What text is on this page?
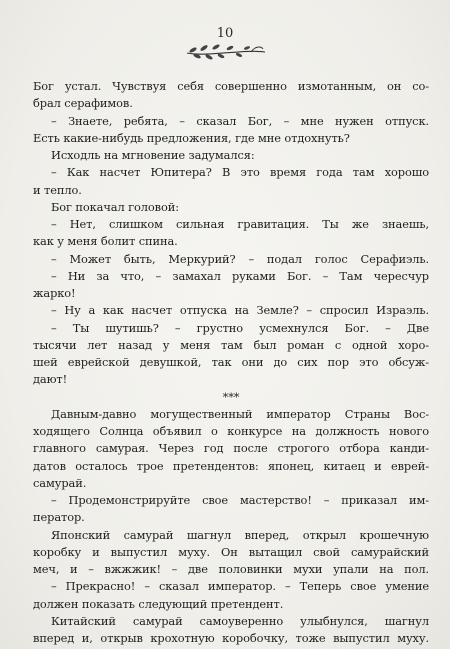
10
Бог устал. Чувствуя себя совершенно измотанным, он со-
брал серафимов.
– Знаете, ребята, – сказал Бог, – мне нужен отпуск.
Есть какие-нибудь предложения, где мне отдохнуть?
Исходль на мгновение задумался:
– Как насчет Юпитера? В это время года там хорошо
и тепло.
Бог покачал головой:
– Нет, слишком сильная гравитация. Ты же знаешь,
как у меня болит спина.
– Может быть, Меркурий? – подал голос Серафиэль.
– Ни за что, – замахал руками Бог. – Там чересчур
жарко!
– Ну а как насчет отпуска на Земле? – спросил Израэль.
– Ты шутишь? – грустно усмехнулся Бог. – Две
тысячи лет назад у меня там был роман с одной хоро-
шей еврейской девушкой, так они до сих пор это обсуж-
дают!
***
Давным-давно могущественный император Страны Вос-
ходящего Солнца объявил о конкурсе на должность нового
главного самурая. Через год после строгого отбора канди-
датов осталось трое претендентов: японец, китаец и еврей-
самурай.
– Продемонстрируйте свое мастерство! – приказал им-
ператор.
Японский самурай шагнул вперед, открыл крошечную
коробку и выпустил муху. Он вытащил свой самурайский
меч, и – вжжжик! – две половинки мухи упали на пол.
– Прекрасно! – сказал император. – Теперь свое умение
должен показать следующий претендент.
Китайский самурай самоуверенно улыбнулся, шагнул
вперед и, открыв крохотную коробочку, тоже выпустил муху.
